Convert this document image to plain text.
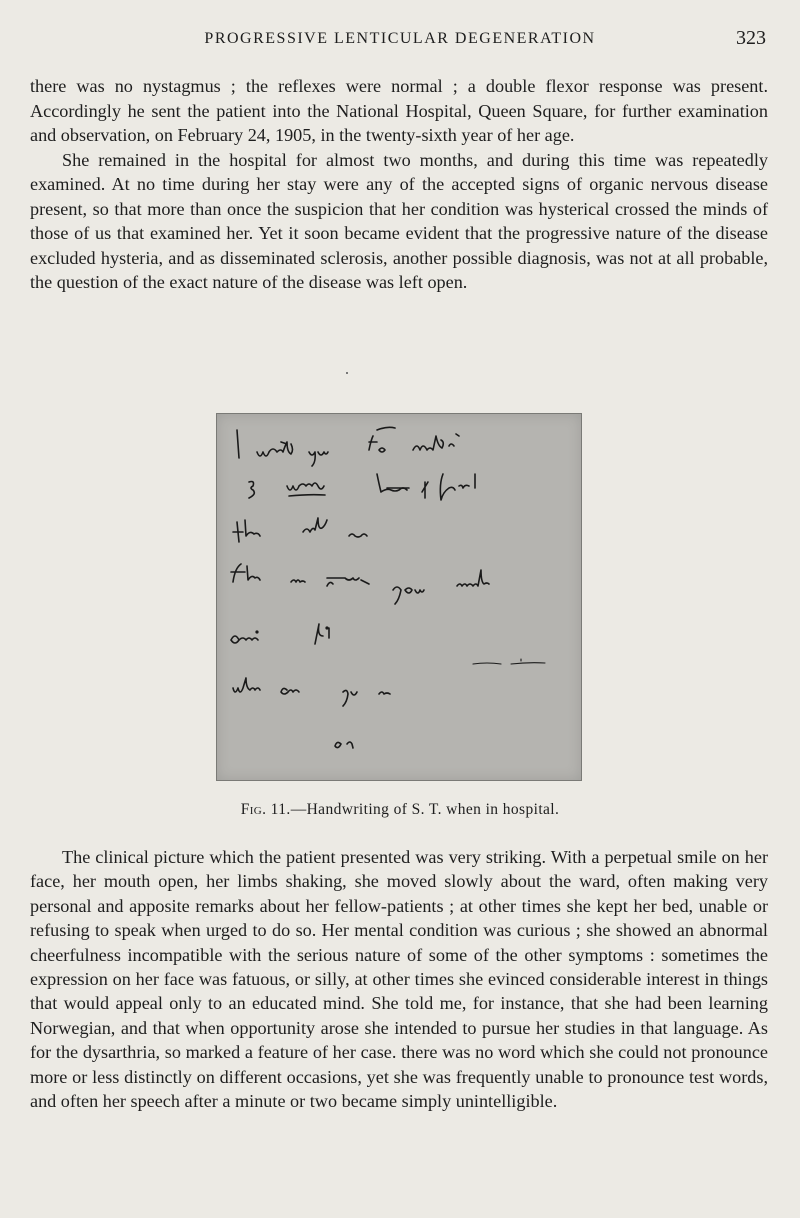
PROGRESSIVE LENTICULAR DEGENERATION	323

there was no nystagmus ; the reflexes were normal ; a double flexor response was present. Accordingly he sent the patient into the National Hospital, Queen Square, for further examination and observation, on February 24, 1905, in the twenty-sixth year of her age.

She remained in the hospital for almost two months, and during this time was repeatedly examined. At no time during her stay were any of the accepted signs of organic nervous disease present, so that more than once the suspicion that her condition was hysterical crossed the minds of those of us that examined her. Yet it soon became evident that the progressive nature of the disease excluded hysteria, and as disseminated sclerosis, another possible diagnosis, was not at all probable, the question of the exact nature of the disease was left open.

Fig. 11.—Handwriting of S. T. when in hospital.

The clinical picture which the patient presented was very striking. With a perpetual smile on her face, her mouth open, her limbs shaking, she moved slowly about the ward, often making very personal and apposite remarks about her fellow-patients ; at other times she kept her bed, unable or refusing to speak when urged to do so. Her mental condition was curious ; she showed an abnormal cheerfulness incompatible with the serious nature of some of the other symptoms : sometimes the expression on her face was fatuous, or silly, at other times she evinced considerable interest in things that would appeal only to an educated mind. She told me, for instance, that she had been learning Norwegian, and that when opportunity arose she intended to pursue her studies in that language. As for the dysarthria, so marked a feature of her case. there was no word which she could not pronounce more or less distinctly on different occasions, yet she was frequently unable to pronounce test words, and often her speech after a minute or two became simply unintelligible.
